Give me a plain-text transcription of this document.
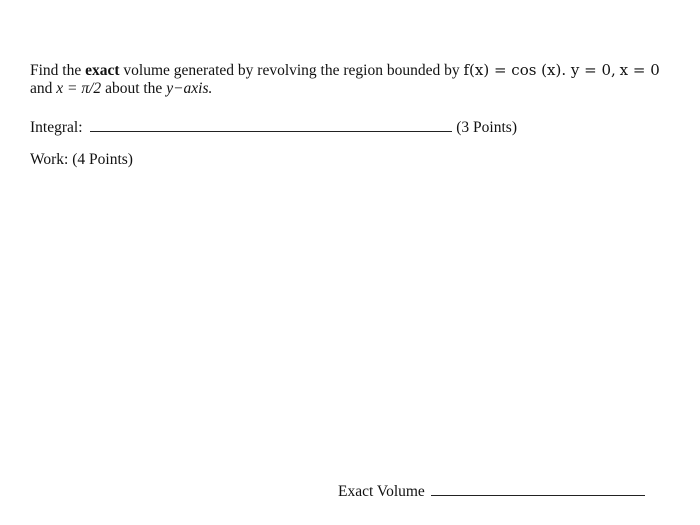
Find the exact volume generated by revolving the region bounded by f(x) = cos (x). y = 0, x = 0
and x = π/2 about the y−axis.
Integral:	(3 Points)
Work: (4 Points)
Exact Volume
